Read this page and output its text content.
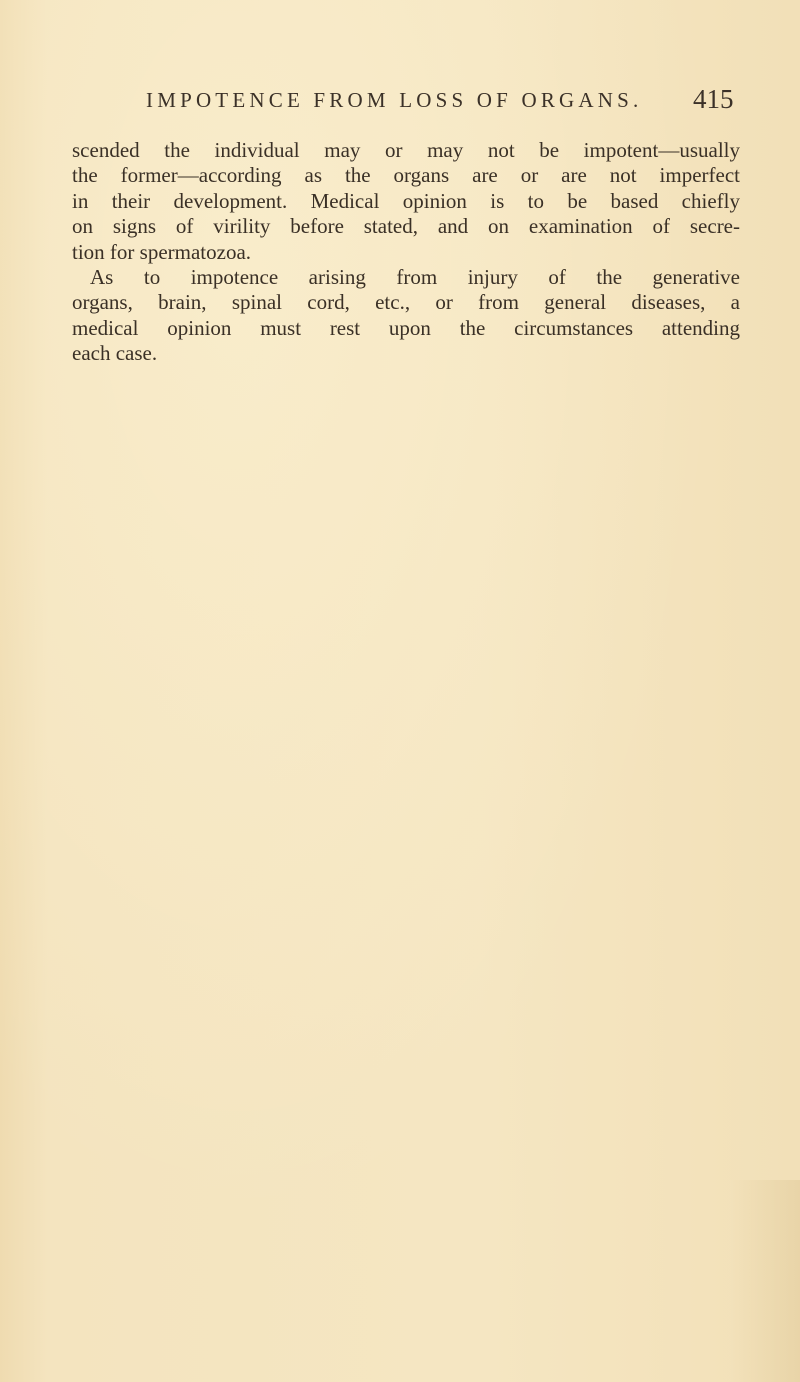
IMPOTENCE FROM LOSS OF ORGANS. 415
scended the individual may or may not be impotent—usually
the former—according as the organs are or are not imperfect
in their development. Medical opinion is to be based chiefly
on signs of virility before stated, and on examination of secre-
tion for spermatozoa.
As to impotence arising from injury of the generative
organs, brain, spinal cord, etc., or from general diseases, a
medical opinion must rest upon the circumstances attending
each case.
